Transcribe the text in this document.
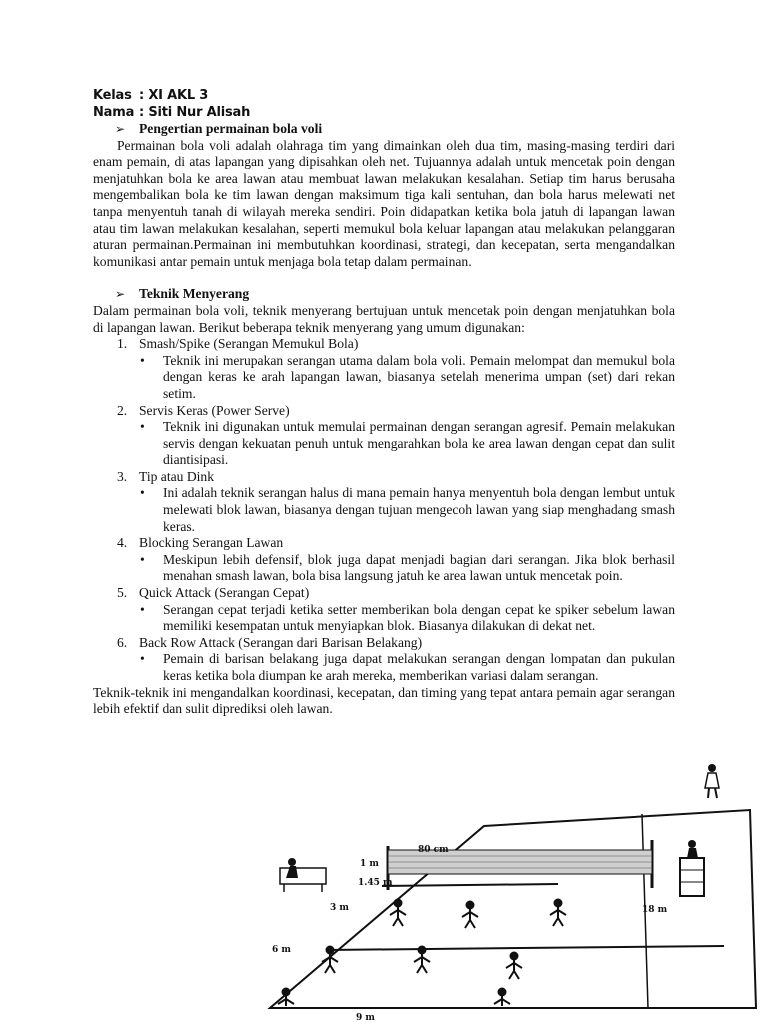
Kelas : XI AKL 3
Nama : Siti Nur Alisah
➢ Pengertian permainan bola voli

Permainan bola voli adalah olahraga tim yang dimainkan oleh dua tim, masing-masing terdiri dari enam pemain, di atas lapangan yang dipisahkan oleh net. Tujuannya adalah untuk mencetak poin dengan menjatuhkan bola ke area lawan atau membuat lawan melakukan kesalahan. Setiap tim harus berusaha mengembalikan bola ke tim lawan dengan maksimum tiga kali sentuhan, dan bola harus melewati net tanpa menyentuh tanah di wilayah mereka sendiri. Poin didapatkan ketika bola jatuh di lapangan lawan atau tim lawan melakukan kesalahan, seperti memukul bola keluar lapangan atau melakukan pelanggaran aturan permainan.Permainan ini membutuhkan koordinasi, strategi, dan kecepatan, serta mengandalkan komunikasi antar pemain untuk menjaga bola tetap dalam permainan.

➢ Teknik Menyerang

Dalam permainan bola voli, teknik menyerang bertujuan untuk mencetak poin dengan menjatuhkan bola di lapangan lawan. Berikut beberapa teknik menyerang yang umum digunakan:

1. Smash/Spike (Serangan Memukul Bola)
• Teknik ini merupakan serangan utama dalam bola voli. Pemain melompat dan memukul bola dengan keras ke arah lapangan lawan, biasanya setelah menerima umpan (set) dari rekan setim.
2. Servis Keras (Power Serve)
• Teknik ini digunakan untuk memulai permainan dengan serangan agresif. Pemain melakukan servis dengan kekuatan penuh untuk mengarahkan bola ke area lawan dengan cepat dan sulit diantisipasi.
3. Tip atau Dink
• Ini adalah teknik serangan halus di mana pemain hanya menyentuh bola dengan lembut untuk melewati blok lawan, biasanya dengan tujuan mengecoh lawan yang siap menghadang smash keras.
4. Blocking Serangan Lawan
• Meskipun lebih defensif, blok juga dapat menjadi bagian dari serangan. Jika blok berhasil menahan smash lawan, bola bisa langsung jatuh ke area lawan untuk mencetak poin.
5. Quick Attack (Serangan Cepat)
• Serangan cepat terjadi ketika setter memberikan bola dengan cepat ke spiker sebelum lawan memiliki kesempatan untuk menyiapkan blok. Biasanya dilakukan di dekat net.
6. Back Row Attack (Serangan dari Barisan Belakang)
• Pemain di barisan belakang juga dapat melakukan serangan dengan lompatan dan pukulan keras ketika bola diumpan ke arah mereka, memberikan variasi dalam serangan.

Teknik-teknik ini mengandalkan koordinasi, kecepatan, dan timing yang tepat antara pemain agar serangan lebih efektif dan sulit diprediksi oleh lawan.

80 cm
1 m
1.45 m
3 m	18 m
6 m
9 m
